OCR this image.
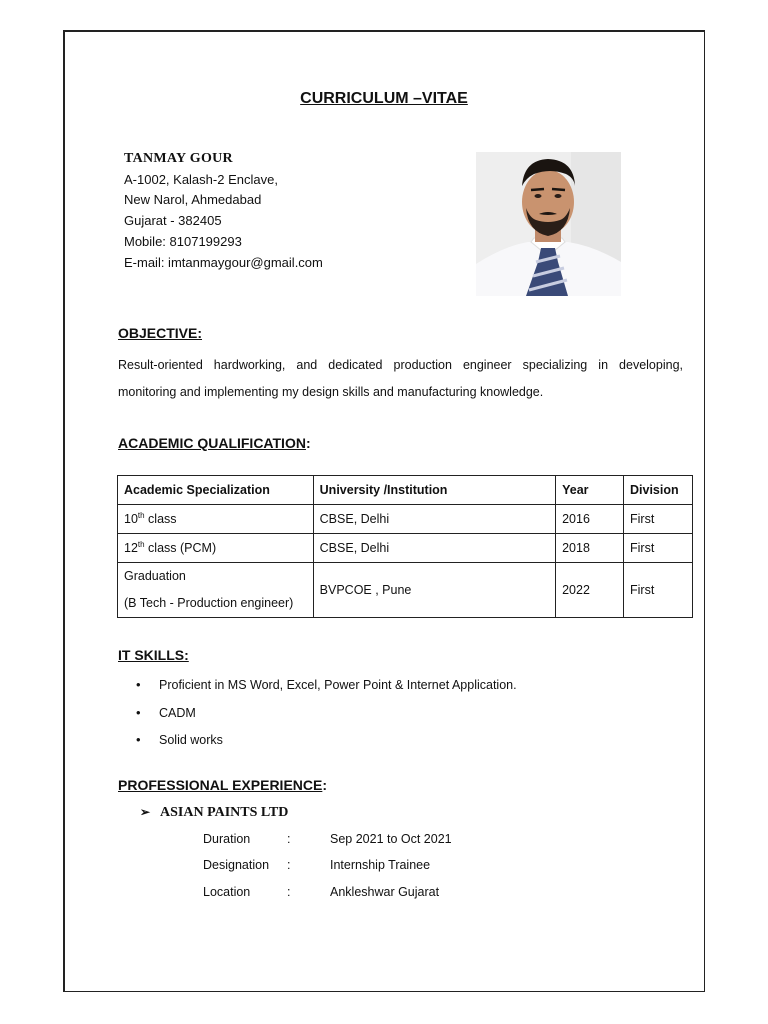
CURRICULUM –VITAE
TANMAY GOUR
A-1002, Kalash-2 Enclave,
New Narol, Ahmedabad
Gujarat - 382405
Mobile: 8107199293
E-mail: imtanmaygour@gmail.com
OBJECTIVE:
Result-oriented hardworking, and dedicated production engineer specializing in developing, monitoring and implementing my design skills and manufacturing knowledge.
ACADEMIC QUALIFICATION:
Academic Specialization	University /Institution	Year	Division
10th class	CBSE, Delhi	2016	First
12th class (PCM)	CBSE, Delhi	2018	First

Graduation
(B Tech - Production engineer)	BVPCOE , Pune	2022	First
IT SKILLS:
• Proficient in MS Word, Excel, Power Point & Internet Application.
• CADM
• Solid works
PROFESSIONAL EXPERIENCE:
➢ ASIAN PAINTS LTD
Duration	:	Sep 2021 to Oct 2021
Designation :	Internship Trainee
Location	:	Ankleshwar Gujarat
